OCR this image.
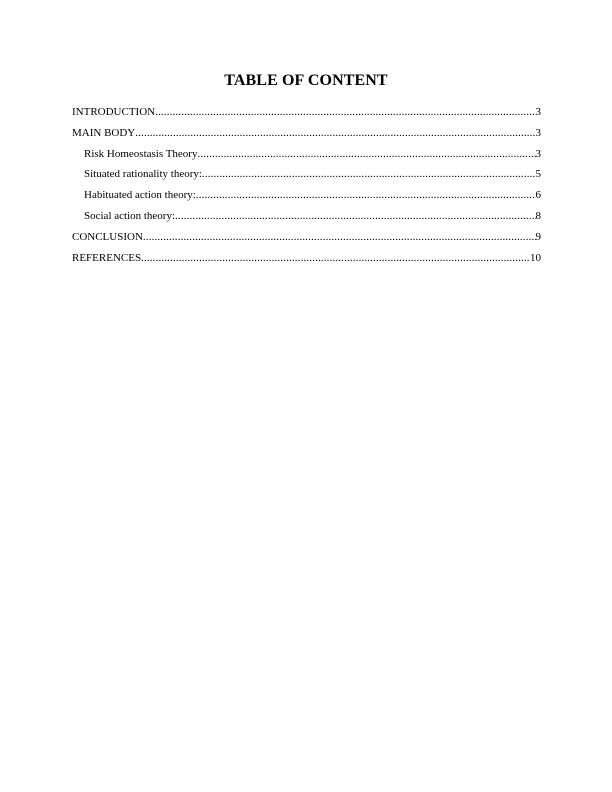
TABLE OF CONTENT
INTRODUCTION .....	3
MAIN BODY .....	3
Risk Homeostasis Theory .....	3
Situated rationality theory: .....	5
Habituated action theory: .....	6
Social action theory: .....	8
CONCLUSION .....	9
REFERENCES .....	10
